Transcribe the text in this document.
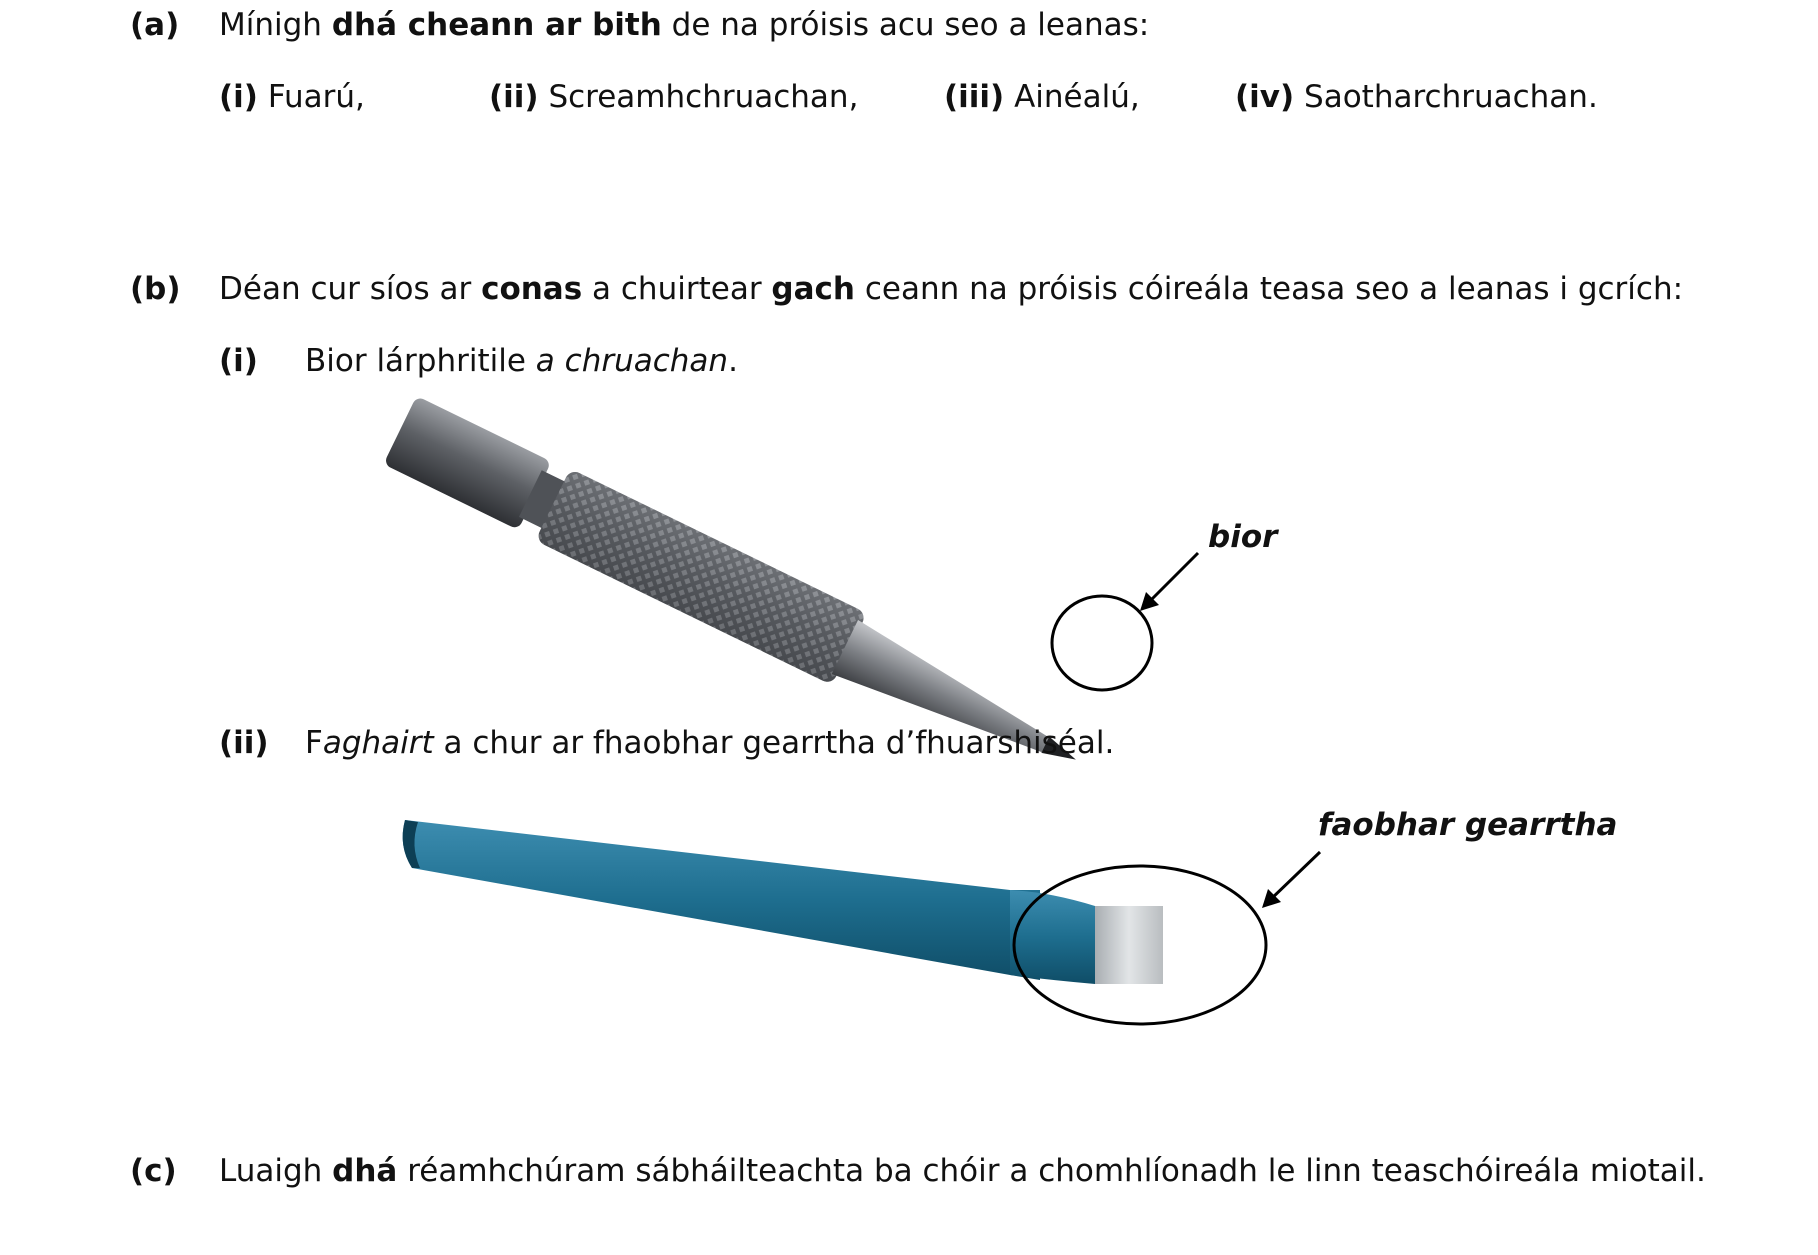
(a) Mínigh dhá cheann ar bith de na próisis acu seo a leanas:
(i) Fuarú,	(ii) Screamhchruachan,	(iii) Ainéalú,	(iv) Saotharchruachan.
(b) Déan cur síos ar conas a chuirtear gach ceann na próisis cóireála teasa seo a leanas i gcrích:
(i) Bior lárphritile a chruachan.
bior
(ii) Faghairt a chur ar fhaobhar gearrtha d’fhuarshiséal.
faobhar gearrtha
(c) Luaigh dhá réamhchúram sábháilteachta ba chóir a chomhlíonadh le linn teaschóireála miotail.
